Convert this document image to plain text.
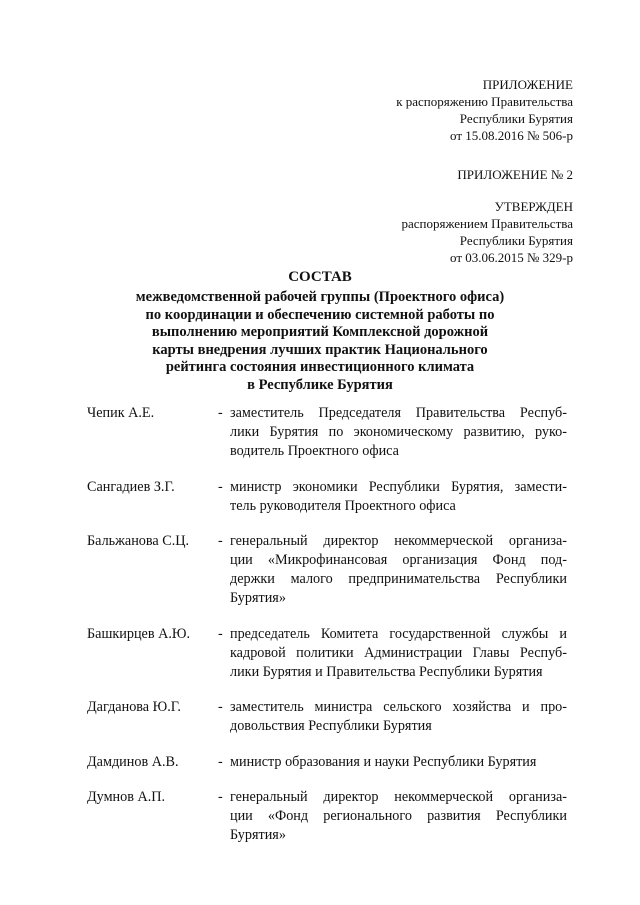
ПРИЛОЖЕНИЕ
к распоряжению Правительства
Республики Бурятия
от 15.08.2016 № 506-р
ПРИЛОЖЕНИЕ № 2
УТВЕРЖДЕН
распоряжением Правительства
Республики Бурятия
от 03.06.2015 № 329-р
СОСТАВ
межведомственной рабочей группы (Проектного офиса)
по координации и обеспечению системной работы по
выполнению мероприятий Комплексной дорожной
карты внедрения лучших практик Национального
рейтинга состояния инвестиционного климата
в Республике Бурятия
Чепик А.Е.	- заместитель Председателя Правительства Респуб-
лики Бурятия по экономическому развитию, руко-
водитель Проектного офиса
Сангадиев З.Г.	- министр экономики Республики Бурятия, замести-
тель руководителя Проектного офиса
Бальжанова С.Ц.	- генеральный директор некоммерческой организа-
ции «Микрофинансовая организация Фонд под-
держки малого предпринимательства Республики
Бурятия»
Башкирцев А.Ю.	- председатель Комитета государственной службы и
кадровой политики Администрации Главы Респуб-
лики Бурятия и Правительства Республики Бурятия
Дагданова Ю.Г.	- заместитель министра сельского хозяйства и про-
довольствия Республики Бурятия
Дамдинов А.В.	- министр образования и науки Республики Бурятия
Думнов А.П.	- генеральный директор некоммерческой организа-
ции «Фонд регионального развития Республики
Бурятия»
